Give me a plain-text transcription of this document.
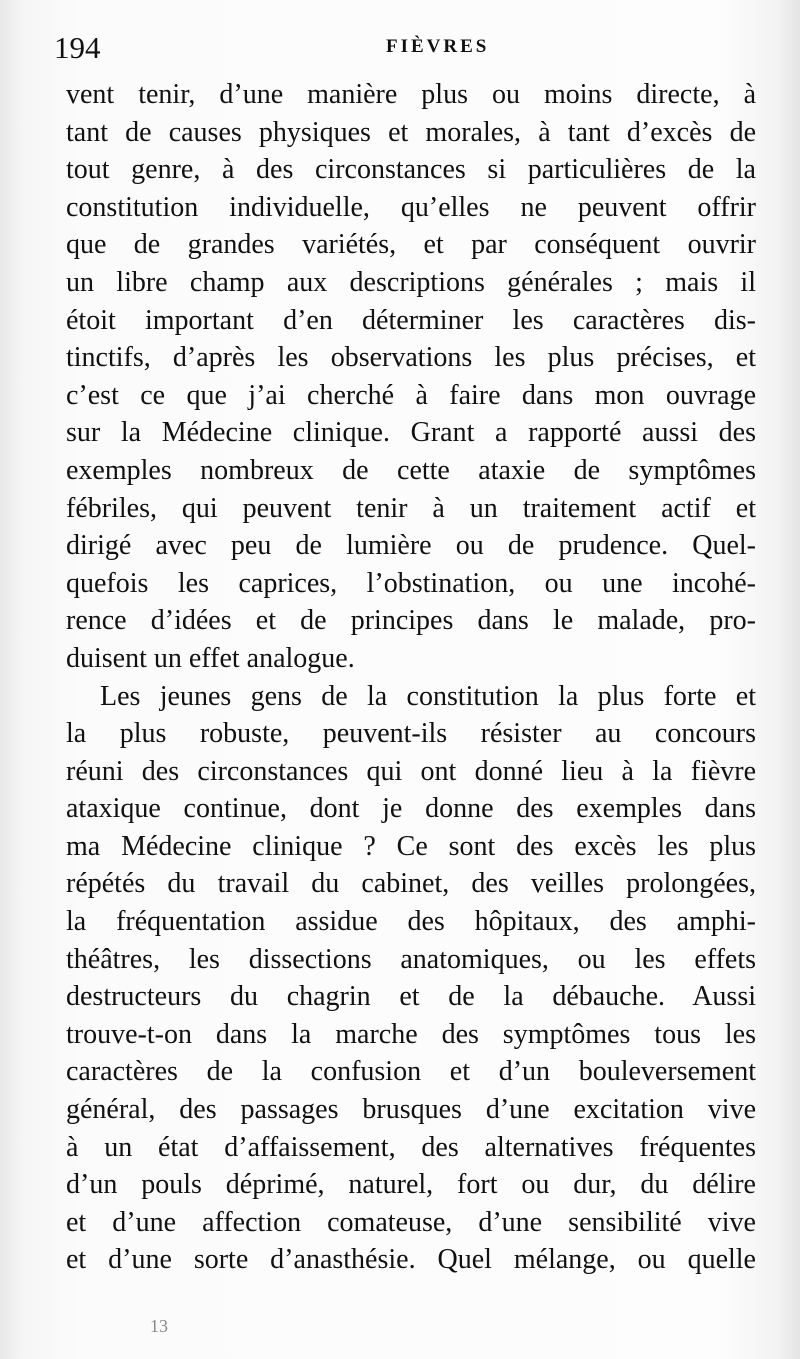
194	FIÈVRES
vent tenir, d’une manière plus ou moins directe, à
tant de causes physiques et morales, à tant d’excès de
tout genre, à des circonstances si particulières de la
constitution individuelle, qu’elles ne peuvent offrir
que de grandes variétés, et par conséquent ouvrir
un libre champ aux descriptions générales ; mais il
étoit important d’en déterminer les caractères dis-
tinctifs, d’après les observations les plus précises, et
c’est ce que j’ai cherché à faire dans mon ouvrage
sur la Médecine clinique. Grant a rapporté aussi des
exemples nombreux de cette ataxie de symptômes
fébriles, qui peuvent tenir à un traitement actif et
dirigé avec peu de lumière ou de prudence. Quel-
quefois les caprices, l’obstination, ou une incohé-
rence d’idées et de principes dans le malade, pro-
duisent un effet analogue.
Les jeunes gens de la constitution la plus forte et
la plus robuste, peuvent-ils résister au concours
réuni des circonstances qui ont donné lieu à la fièvre
ataxique continue, dont je donne des exemples dans
ma Médecine clinique ? Ce sont des excès les plus
répétés du travail du cabinet, des veilles prolongées,
la fréquentation assidue des hôpitaux, des amphi-
théâtres, les dissections anatomiques, ou les effets
destructeurs du chagrin et de la débauche. Aussi
trouve-t-on dans la marche des symptômes tous les
caractères de la confusion et d’un bouleversement
général, des passages brusques d’une excitation vive
à un état d’affaissement, des alternatives fréquentes
d’un pouls déprimé, naturel, fort ou dur, du délire
et d’une affection comateuse, d’une sensibilité vive
et d’une sorte d’anasthésie. Quel mélange, ou quelle
13
